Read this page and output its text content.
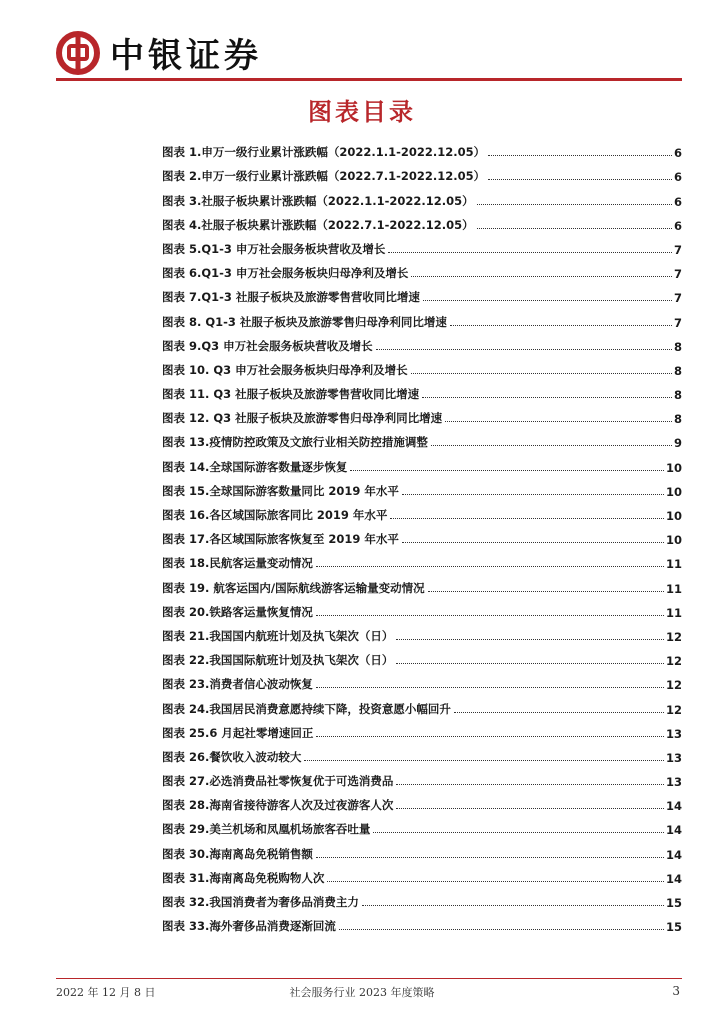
中银证券
图表目录
图表 1.申万一级行业累计涨跌幅（2022.1.1-2022.12.05）	6
图表 2.申万一级行业累计涨跌幅（2022.7.1-2022.12.05）	6
图表 3.社服子板块累计涨跌幅（2022.1.1-2022.12.05）	6
图表 4.社服子板块累计涨跌幅（2022.7.1-2022.12.05）	6
图表 5.Q1-3 申万社会服务板块营收及增长	7
图表 6.Q1-3 申万社会服务板块归母净利及增长	7
图表 7.Q1-3 社服子板块及旅游零售营收同比增速	7
图表 8. Q1-3 社服子板块及旅游零售归母净利同比增速	7
图表 9.Q3 申万社会服务板块营收及增长	8
图表 10. Q3 申万社会服务板块归母净利及增长	8
图表 11. Q3 社服子板块及旅游零售营收同比增速	8
图表 12. Q3 社服子板块及旅游零售归母净利同比增速	8
图表 13.疫情防控政策及文旅行业相关防控措施调整	9
图表 14.全球国际游客数量逐步恢复	10
图表 15.全球国际游客数量同比 2019 年水平	10
图表 16.各区域国际旅客同比 2019 年水平	10
图表 17.各区域国际旅客恢复至 2019 年水平	10
图表 18.民航客运量变动情况	11
图表 19. 航客运国内/国际航线游客运输量变动情况	11
图表 20.铁路客运量恢复情况	11
图表 21.我国国内航班计划及执飞架次（日）	12
图表 22.我国国际航班计划及执飞架次（日）	12
图表 23.消费者信心波动恢复	12
图表 24.我国居民消费意愿持续下降，投资意愿小幅回升	12
图表 25.6 月起社零增速回正	13
图表 26.餐饮收入波动较大	13
图表 27.必选消费品社零恢复优于可选消费品	13
图表 28.海南省接待游客人次及过夜游客人次	14
图表 29.美兰机场和凤凰机场旅客吞吐量	14
图表 30.海南离岛免税销售额	14
图表 31.海南离岛免税购物人次	14
图表 32.我国消费者为奢侈品消费主力	15
图表 33.海外奢侈品消费逐渐回流	15
2022 年 12 月 8 日	社会服务行业 2023 年度策略	3
